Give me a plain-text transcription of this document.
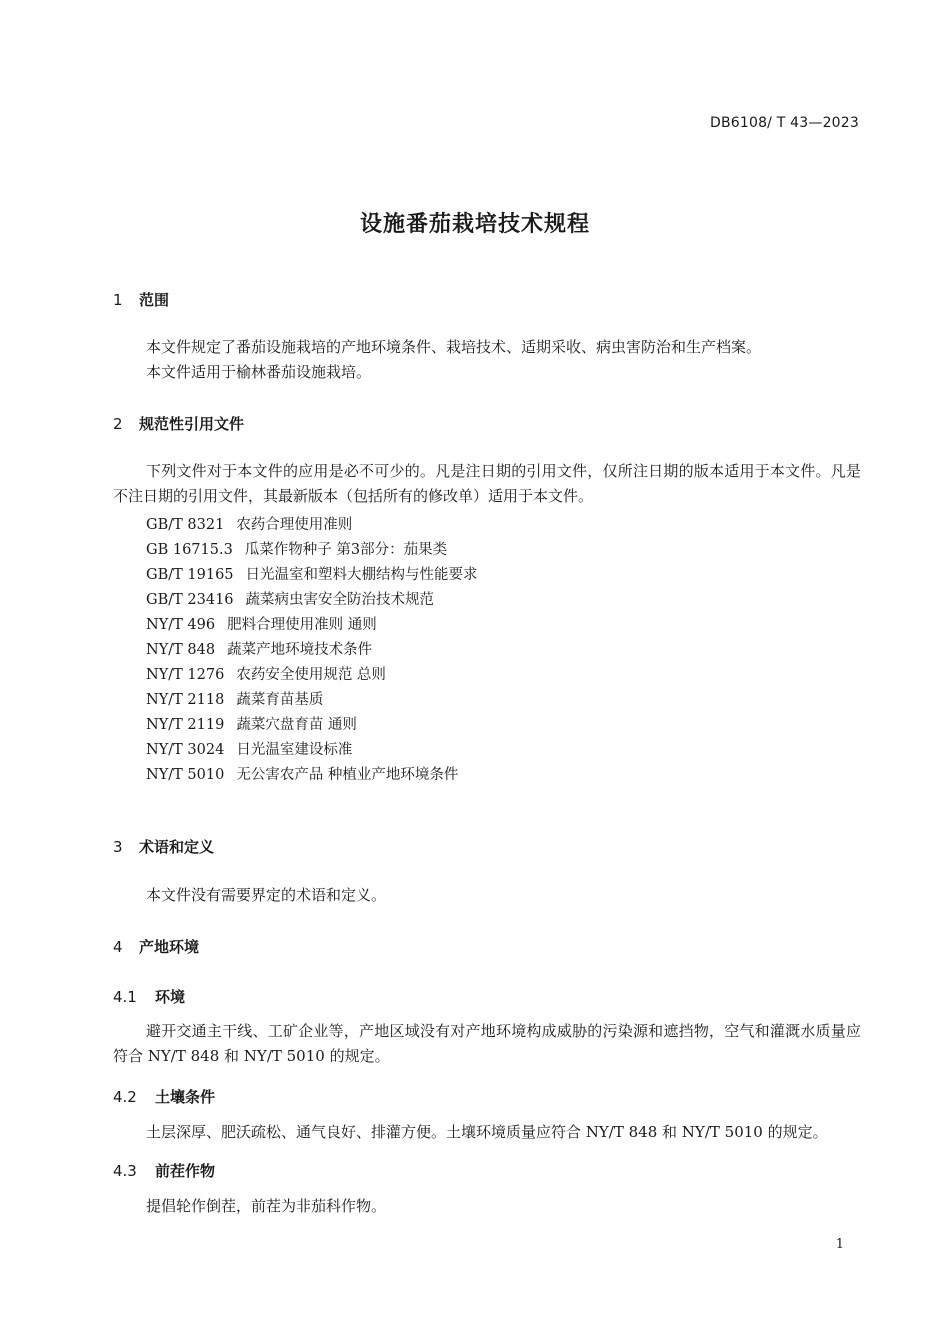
DB6108/ T 43—2023
设施番茄栽培技术规程
1 范围

本文件规定了番茄设施栽培的产地环境条件、栽培技术、适期采收、病虫害防治和生产档案。

本文件适用于榆林番茄设施栽培。

2 规范性引用文件

下列文件对于本文件的应用是必不可少的。凡是注日期的引用文件，仅所注日期的版本适用于本文件。凡是不注日期的引用文件，其最新版本（包括所有的修改单）适用于本文件。

GB/T 8321 农药合理使用准则
GB 16715.3 瓜菜作物种子 第3部分：茄果类
GB/T 19165 日光温室和塑料大棚结构与性能要求
GB/T 23416 蔬菜病虫害安全防治技术规范
NY/T 496 肥料合理使用准则 通则
NY/T 848 蔬菜产地环境技术条件
NY/T 1276 农药安全使用规范 总则
NY/T 2118 蔬菜育苗基质
NY/T 2119 蔬菜穴盘育苗 通则
NY/T 3024 日光温室建设标准
NY/T 5010 无公害农产品 种植业产地环境条件
3 术语和定义

本文件没有需要界定的术语和定义。

4 产地环境
4.1 环境

避开交通主干线、工矿企业等，产地区域没有对产地环境构成威胁的污染源和遮挡物，空气和灌溉水质量应符合 NY/T 848 和 NY/T 5010 的规定。

4.2 土壤条件

土层深厚、肥沃疏松、通气良好、排灌方便。土壤环境质量应符合 NY/T 848 和 NY/T 5010 的规定。

4.3 前茬作物

提倡轮作倒茬，前茬为非茄科作物。

1
